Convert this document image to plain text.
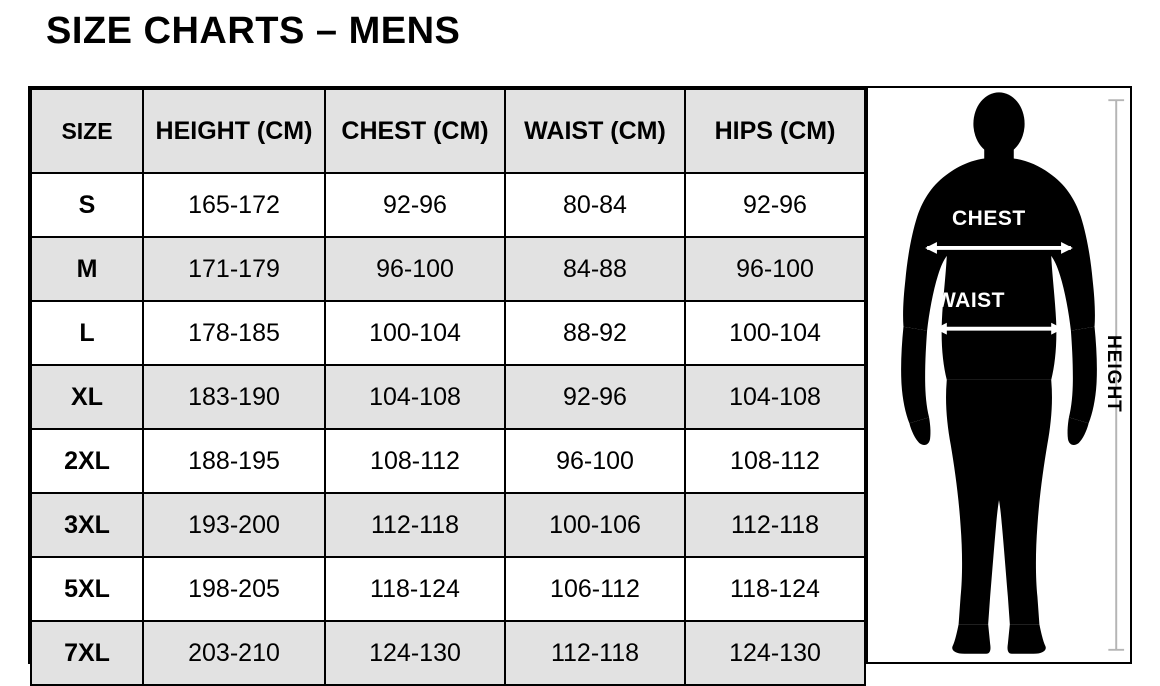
SIZE CHARTS – MENS
SIZE	HEIGHT (CM)	CHEST (CM)	WAIST (CM)	HIPS (CM)
S	165-172	92-96	80-84	92-96
M	171-179	96-100	84-88	96-100
L	178-185	100-104	88-92	100-104
XL	183-190	104-108	92-96	104-108
2XL	188-195	108-112	96-100	108-112
3XL	193-200	112-118	100-106	112-118
5XL	198-205	118-124	106-112	118-124
7XL	203-210	124-130	112-118	124-130
CHEST
WAIST
HEIGHT
